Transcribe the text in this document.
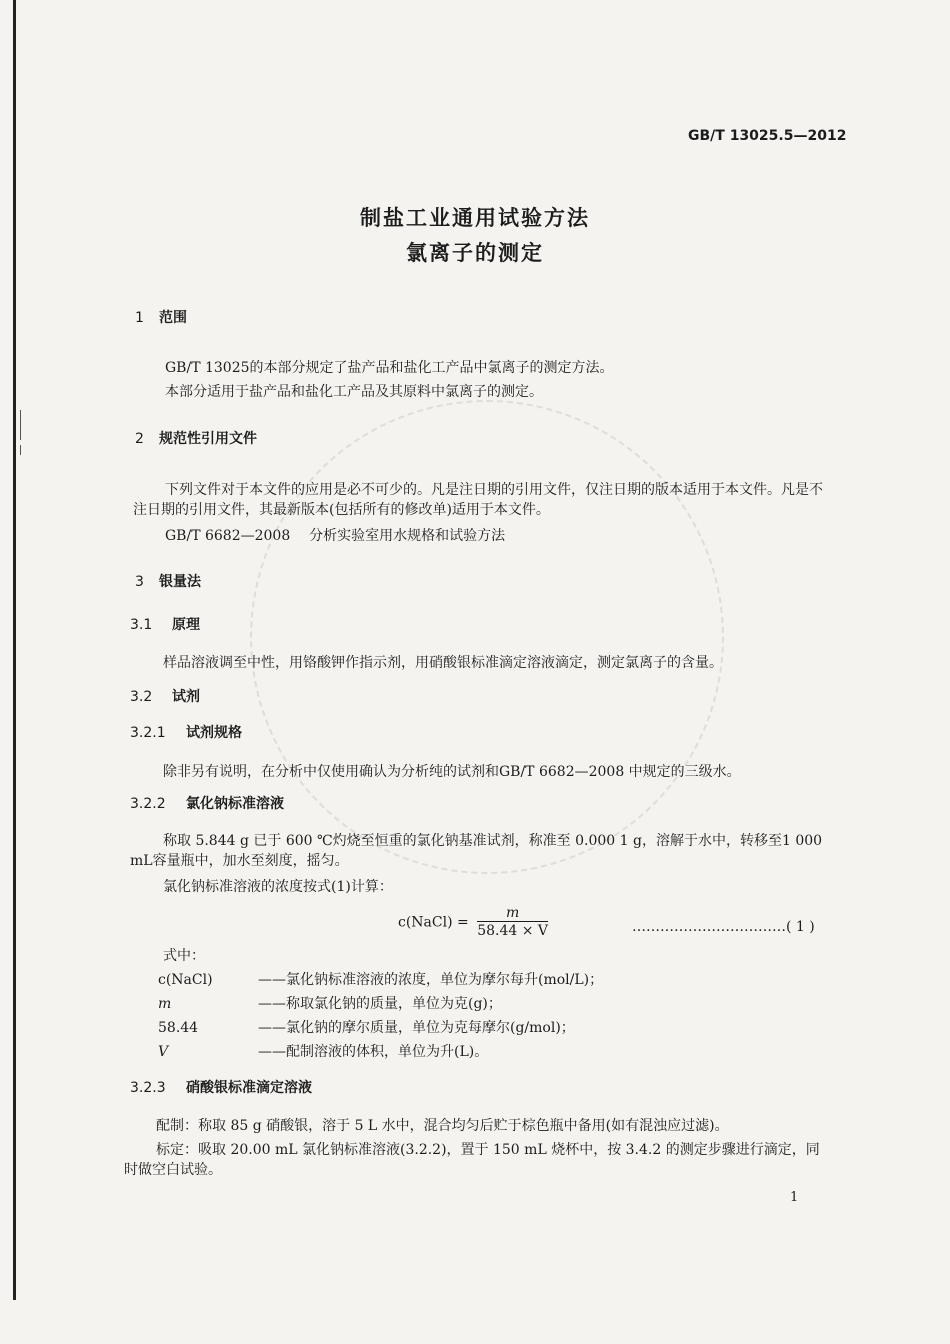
GB/T 13025.5—2012
制盐工业通用试验方法
氯离子的测定
1 范围
GB/T 13025的本部分规定了盐产品和盐化工产品中氯离子的测定方法。
本部分适用于盐产品和盐化工产品及其原料中氯离子的测定。
2 规范性引用文件
下列文件对于本文件的应用是必不可少的。凡是注日期的引用文件，仅注日期的版本适用于本文件。凡是不注日期的引用文件，其最新版本(包括所有的修改单)适用于本文件。
GB/T 6682—2008 分析实验室用水规格和试验方法
3 银量法
3.1 原理
样品溶液调至中性，用铬酸钾作指示剂，用硝酸银标准滴定溶液滴定，测定氯离子的含量。
3.2 试剂
3.2.1 试剂规格
除非另有说明，在分析中仅使用确认为分析纯的试剂和GB/T 6682—2008 中规定的三级水。
3.2.2 氯化钠标准溶液
称取 5.844 g 已于 600 ℃灼烧至恒重的氯化钠基准试剂，称准至 0.000 1 g，溶解于水中，转移至1 000 mL容量瓶中，加水至刻度，摇匀。
氯化钠标准溶液的浓度按式(1)计算：
c(NaCl) = $\frac{m}{58.44 \times V}$	……………………………( 1 )
式中：
c(NaCl)	——氯化钠标准溶液的浓度，单位为摩尔每升(mol/L)；
m	——称取氯化钠的质量，单位为克(g)；
58.44	——氯化钠的摩尔质量，单位为克每摩尔(g/mol)；
V	——配制溶液的体积，单位为升(L)。
3.2.3 硝酸银标准滴定溶液
配制：称取 85 g 硝酸银，溶于 5 L 水中，混合均匀后贮于棕色瓶中备用(如有混浊应过滤)。
标定：吸取 20.00 mL 氯化钠标准溶液(3.2.2)，置于 150 mL 烧杯中，按 3.4.2 的测定步骤进行滴定，同时做空白试验。
1
